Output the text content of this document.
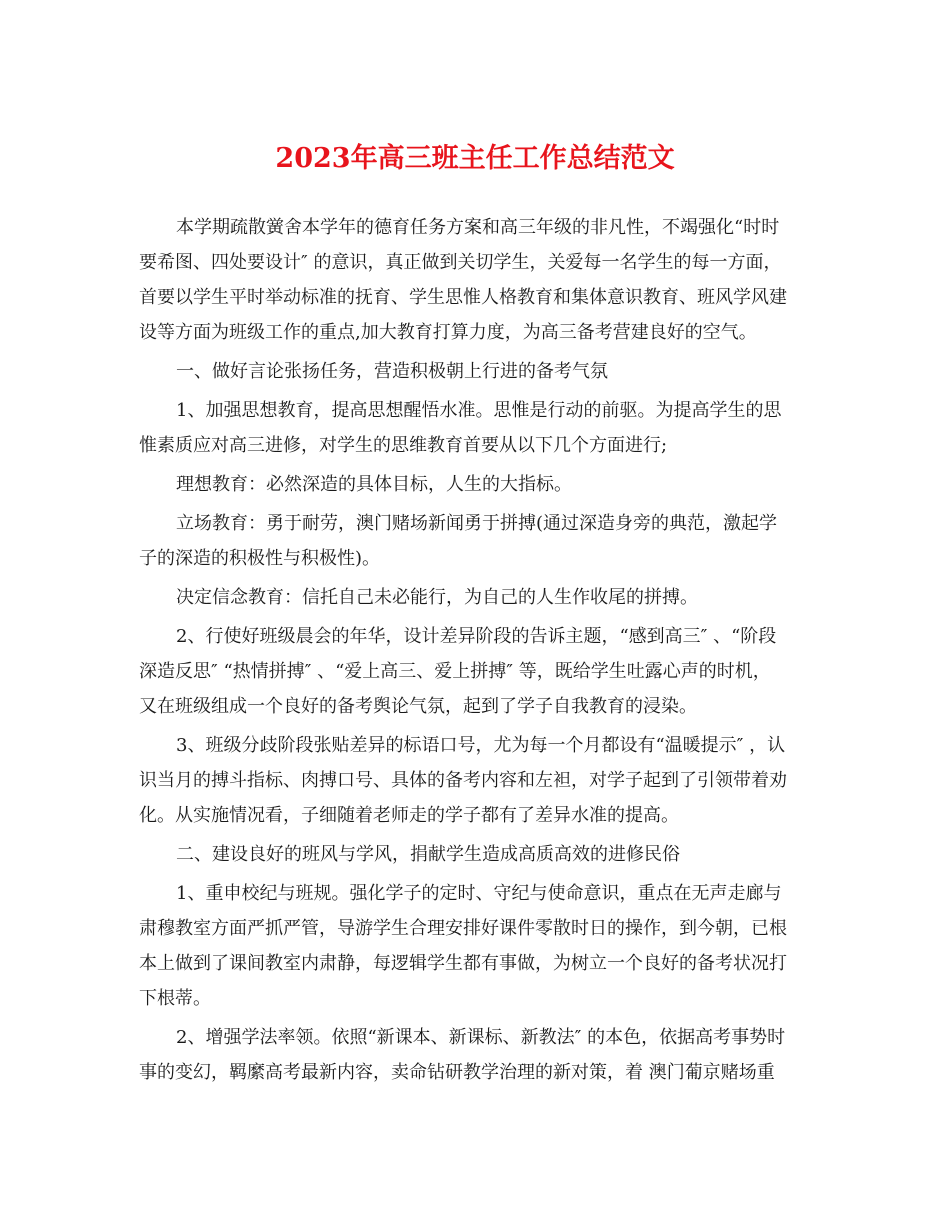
2023年高三班主任工作总结范文
本学期疏散黉舍本学年的德育任务方案和高三年级的非凡性，不竭强化“时时
要希图、四处要设计″ 的意识，真正做到关切学生，关爱每一名学生的每一方面，
首要以学生平时举动标准的抚育、学生思惟人格教育和集体意识教育、班风学风建
设等方面为班级工作的重点,加大教育打算力度，为高三备考营建良好的空气。
一、做好言论张扬任务，营造积极朝上行进的备考气氛
1、加强思想教育，提高思想醒悟水准。思惟是行动的前驱。为提高学生的思
惟素质应对高三进修，对学生的思维教育首要从以下几个方面进行;
理想教育：必然深造的具体目标，人生的大指标。
立场教育：勇于耐劳，澳门赌场新闻勇于拼搏(通过深造身旁的典范，激起学
子的深造的积极性与积极性)。
决定信念教育：信托自己未必能行，为自己的人生作收尾的拼搏。
2、行使好班级晨会的年华，设计差异阶段的告诉主题，“感到高三″ 、“阶段
深造反思″ “热情拼搏″ 、“爱上高三、爱上拼搏″ 等，既给学生吐露心声的时机，
又在班级组成一个良好的备考舆论气氛，起到了学子自我教育的浸染。
3、班级分歧阶段张贴差异的标语口号，尤为每一个月都设有“温暖提示″ ，认
识当月的搏斗指标、肉搏口号、具体的备考内容和左袒，对学子起到了引领带着劝
化。从实施情况看，子细随着老师走的学子都有了差异水准的提高。
二、建设良好的班风与学风，捐献学生造成高质高效的进修民俗
1、重申校纪与班规。强化学子的定时、守纪与使命意识，重点在无声走廊与
肃穆教室方面严抓严管，导游学生合理安排好课件零散时日的操作，到今朝，已根
本上做到了课间教室内肃静，每逻辑学生都有事做，为树立一个良好的备考状况打
下根蒂。
2、增强学法率领。依照“新课本、新课标、新教法″ 的本色，依据高考事势时
事的变幻，羁縻高考最新内容，卖命钻研教学治理的新对策，着 澳门葡京赌场重
